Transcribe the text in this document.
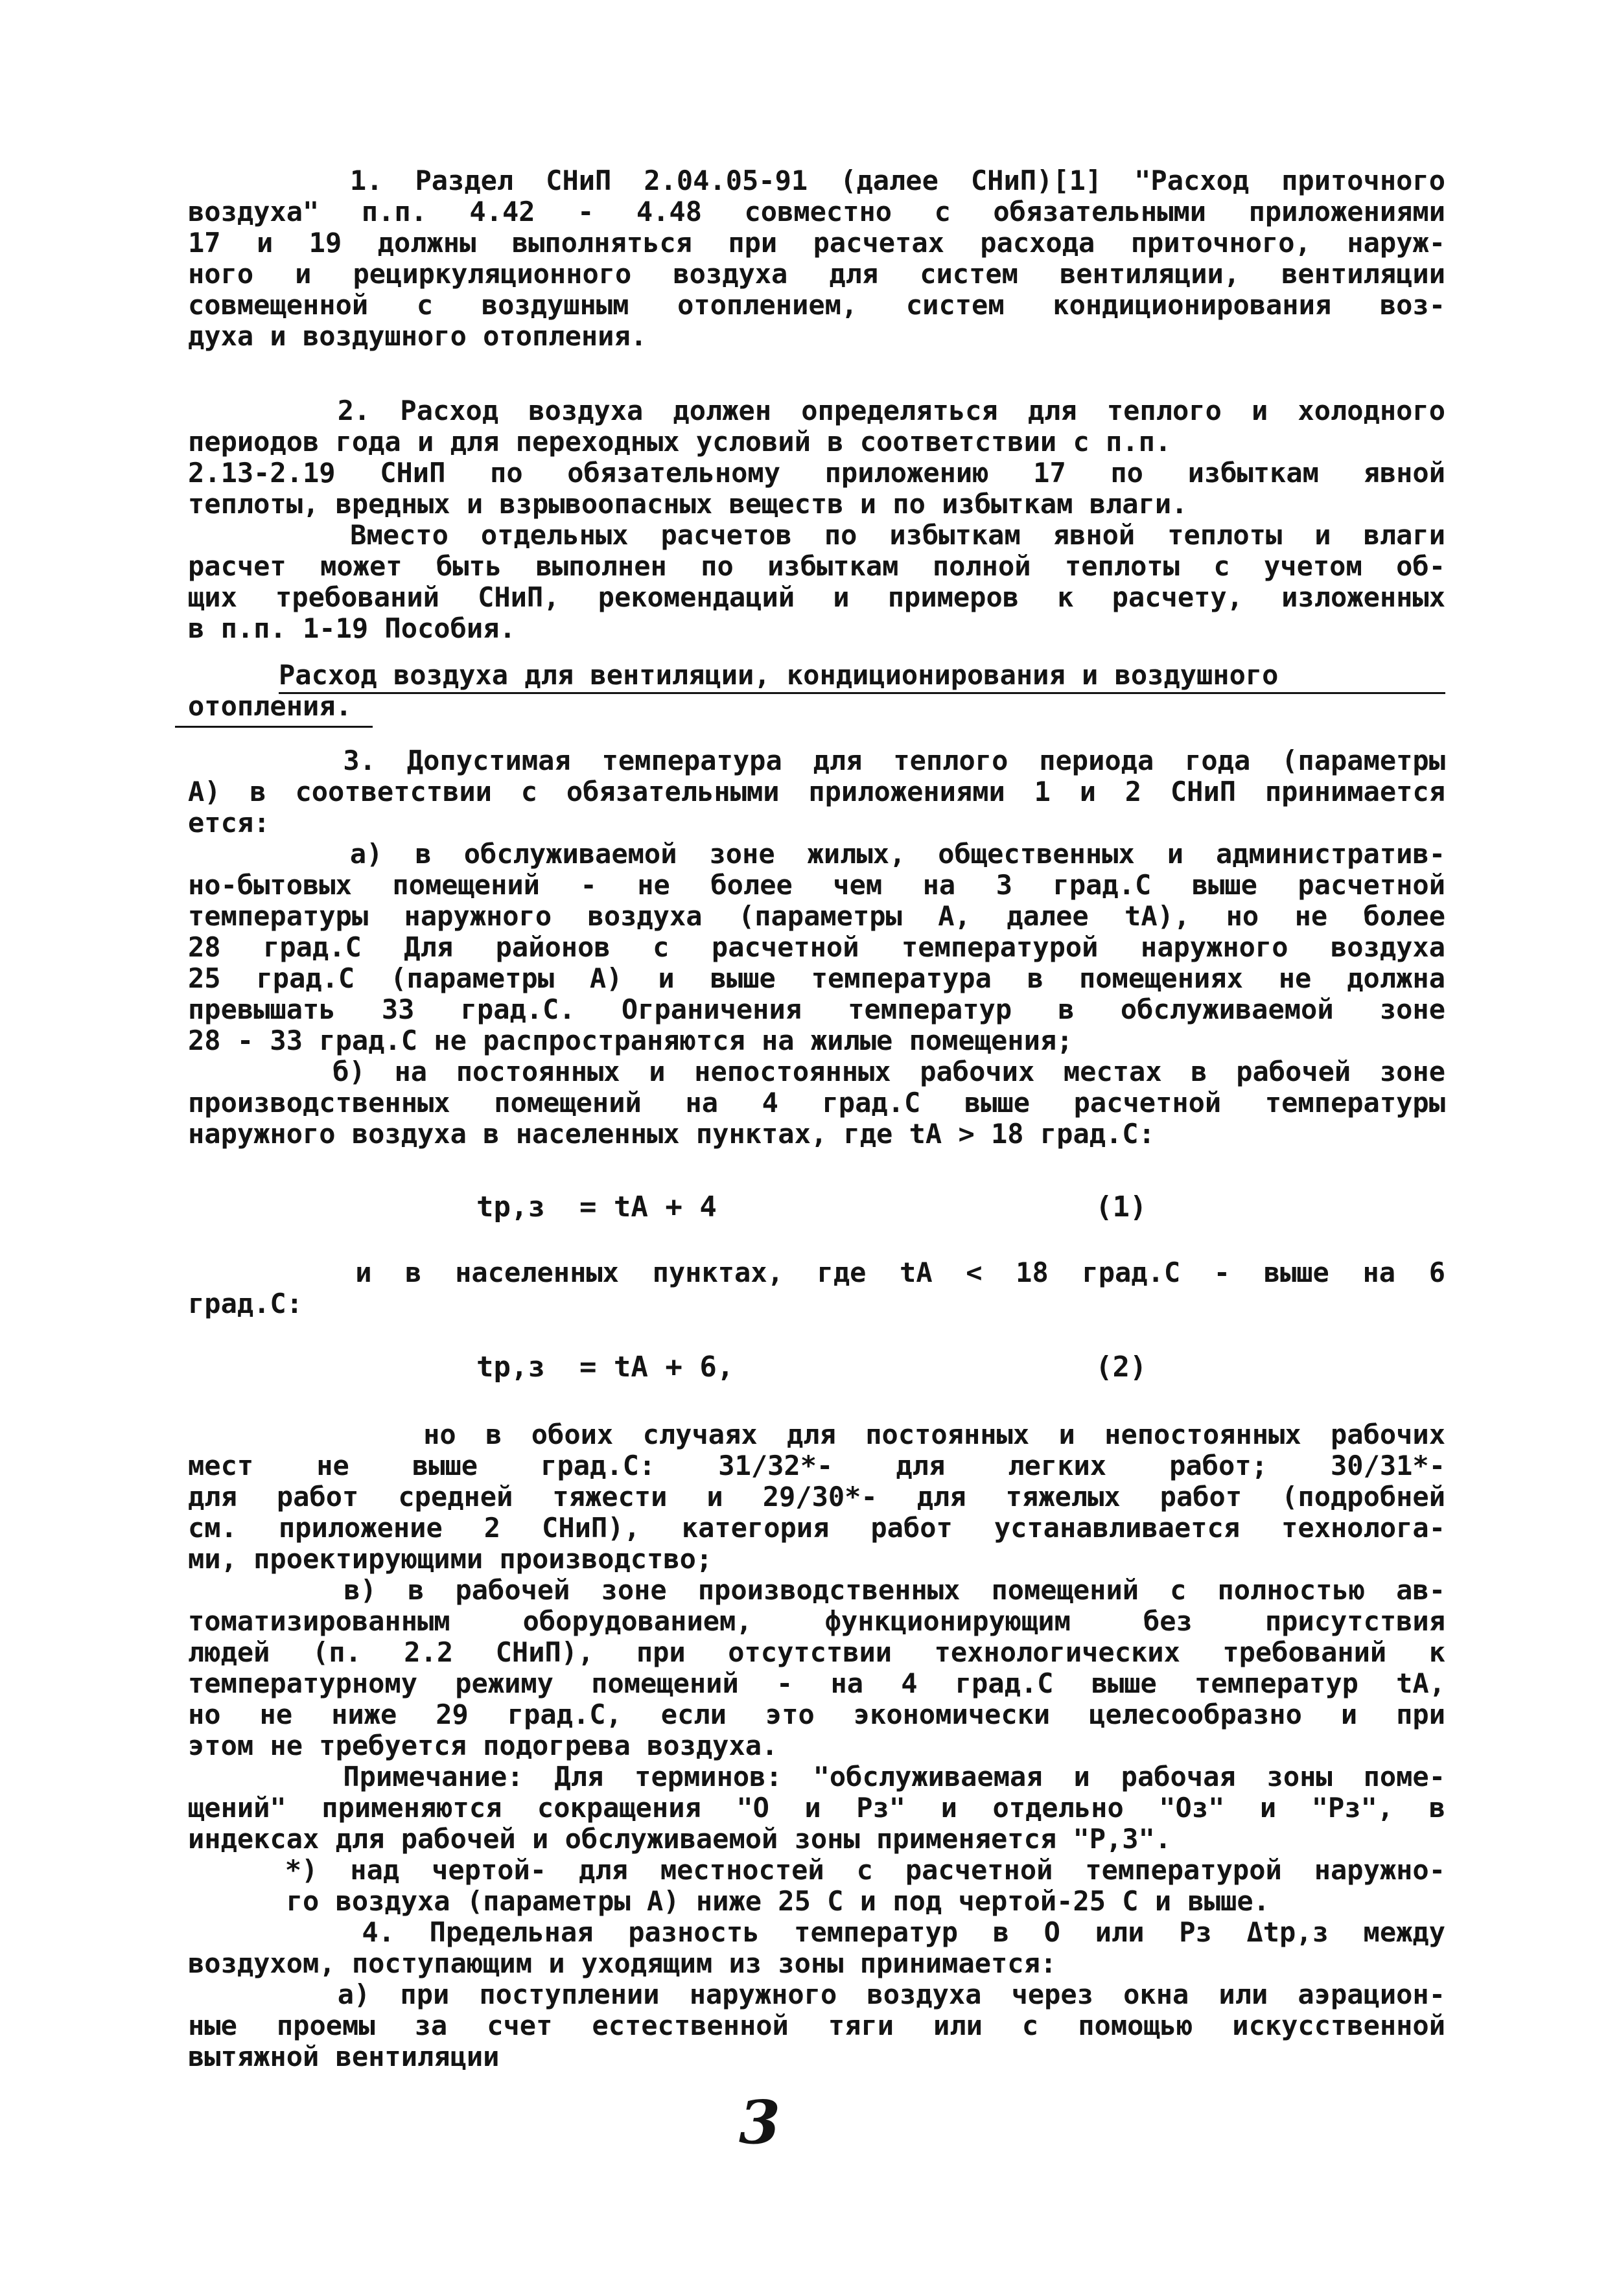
1. Раздел СНиП 2.04.05-91 (далее СНиП)[1] "Расход приточного
воздуха" п.п. 4.42 - 4.48 совместно с обязательными приложениями
17 и 19 должны выполняться при расчетах расхода приточного, наруж-
ного и рециркуляционного воздуха для систем вентиляции, вентиляции
совмещенной с воздушным отоплением, систем кондиционирования воз-
духа и воздушного отопления.
2. Расход воздуха должен определяться для теплого и холодного
периодов года и для переходных условий в соответствии с п.п.
2.13-2.19 СНиП по обязательному приложению 17 по избыткам явной
теплоты, вредных и взрывоопасных веществ и по избыткам влаги.
Вместо отдельных расчетов по избыткам явной теплоты и влаги
расчет может быть выполнен по избыткам полной теплоты с учетом об-
щих требований СНиП, рекомендаций и примеров к расчету, изложенных
в п.п. 1-19 Пособия.
3. Допустимая температура для теплого периода года (параметры
А) в соответствии с обязательными приложениями 1 и 2 СНиП принимается
ется:
а) в обслуживаемой зоне жилых, общественных и административ-
но-бытовых помещений - не более чем на 3 град.С выше расчетной
температуры наружного воздуха (параметры А, далее tA), но не более
28 град.С Для районов с расчетной температурой наружного воздуха
25 град.С (параметры А) и выше температура в помещениях не должна
превышать 33 град.С. Ограничения температур в обслуживаемой зоне
28 - 33 град.С не распространяются на жилые помещения;
б) на постоянных и непостоянных рабочих местах в рабочей зоне
производственных помещений на 4 град.С выше расчетной температуры
наружного воздуха в населенных пунктах, где tA > 18 град.С:
и в населенных пунктах, где tA < 18 град.С - выше на 6
град.С:
но в обоих случаях для постоянных и непостоянных рабочих
мест не выше град.С: 31/32*- для легких работ; 30/31*-
для работ средней тяжести и 29/30*- для тяжелых работ (подробней
см. приложение 2 СНиП), категория работ устанавливается технолога-
ми, проектирующими производство;
в) в рабочей зоне производственных помещений с полностью ав-
томатизированным оборудованием, функционирующим без присутствия
людей (п. 2.2 СНиП), при отсутствии технологических требований к
температурному режиму помещений - на 4 град.С выше температур tA,
но не ниже 29 град.С, если это экономически целесообразно и при
этом не требуется подогрева воздуха.
Примечание: Для терминов: "обслуживаемая и рабочая зоны поме-
щений" применяются сокращения "О и Рз" и отдельно "Оз" и "Рз", в
индексах для рабочей и обслуживаемой зоны применяется "Р,З".
*) над чертой- для местностей с расчетной температурой наружно-
го воздуха (параметры А) ниже 25 С и под чертой-25 С и выше.
4. Предельная разность температур в О или Рз Δtp,з между
воздухом, поступающим и уходящим из зоны принимается:
а) при поступлении наружного воздуха через окна или аэрацион-
ные проемы за счет естественной тяги или с помощью искусственной
вытяжной вентиляции
Расход воздуха для вентиляции, кондиционирования и воздушного
отопления.
tp,з  = tA + 4	(1)
tp,з  = tA + 6,	(2)
3
